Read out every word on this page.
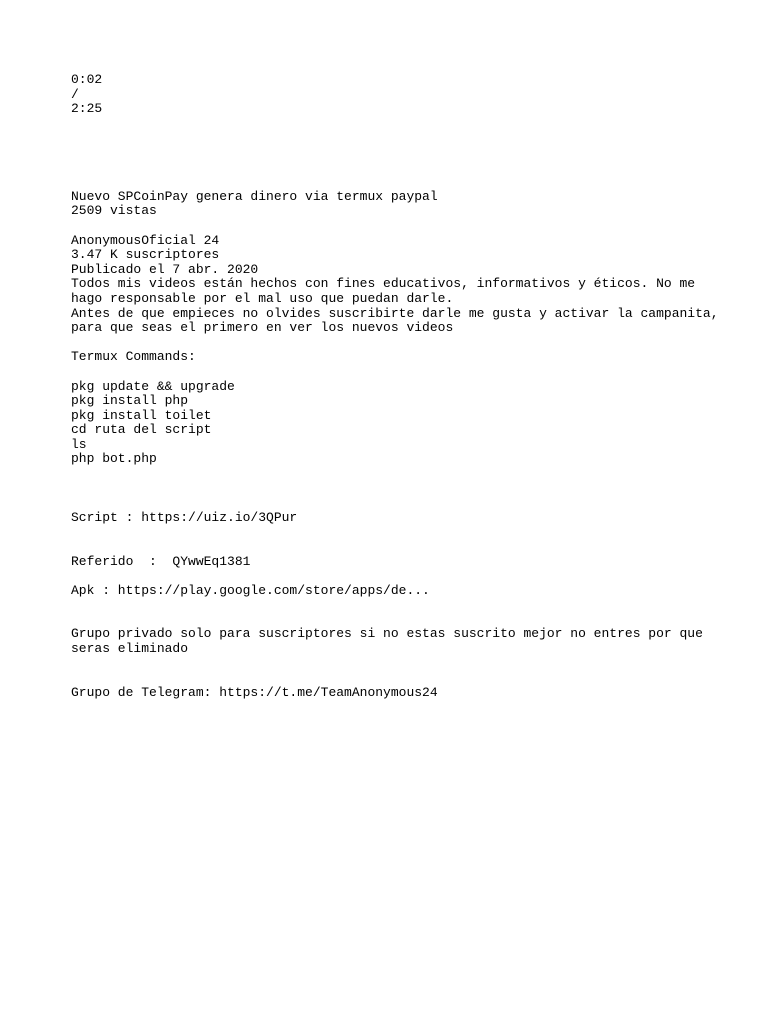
0:02
/
2:25
Nuevo SPCoinPay genera dinero via termux paypal
2509 vistas
AnonymousOficial 24
3.47 K suscriptores
Publicado el 7 abr. 2020
Todos mis videos están hechos con fines educativos, informativos y éticos. No me hago responsable por el mal uso que puedan darle.
Antes de que empieces no olvides suscribirte darle me gusta y activar la campanita, para que seas el primero en ver los nuevos videos
Termux Commands:
pkg update && upgrade
pkg install php
pkg install toilet
cd ruta del script
ls
php bot.php
Script : https://uiz.io/3QPur
Referido  :  QYwwEq1381
Apk : https://play.google.com/store/apps/de...
Grupo privado solo para suscriptores si no estas suscrito mejor no entres por que seras eliminado
Grupo de Telegram: https://t.me/TeamAnonymous24
